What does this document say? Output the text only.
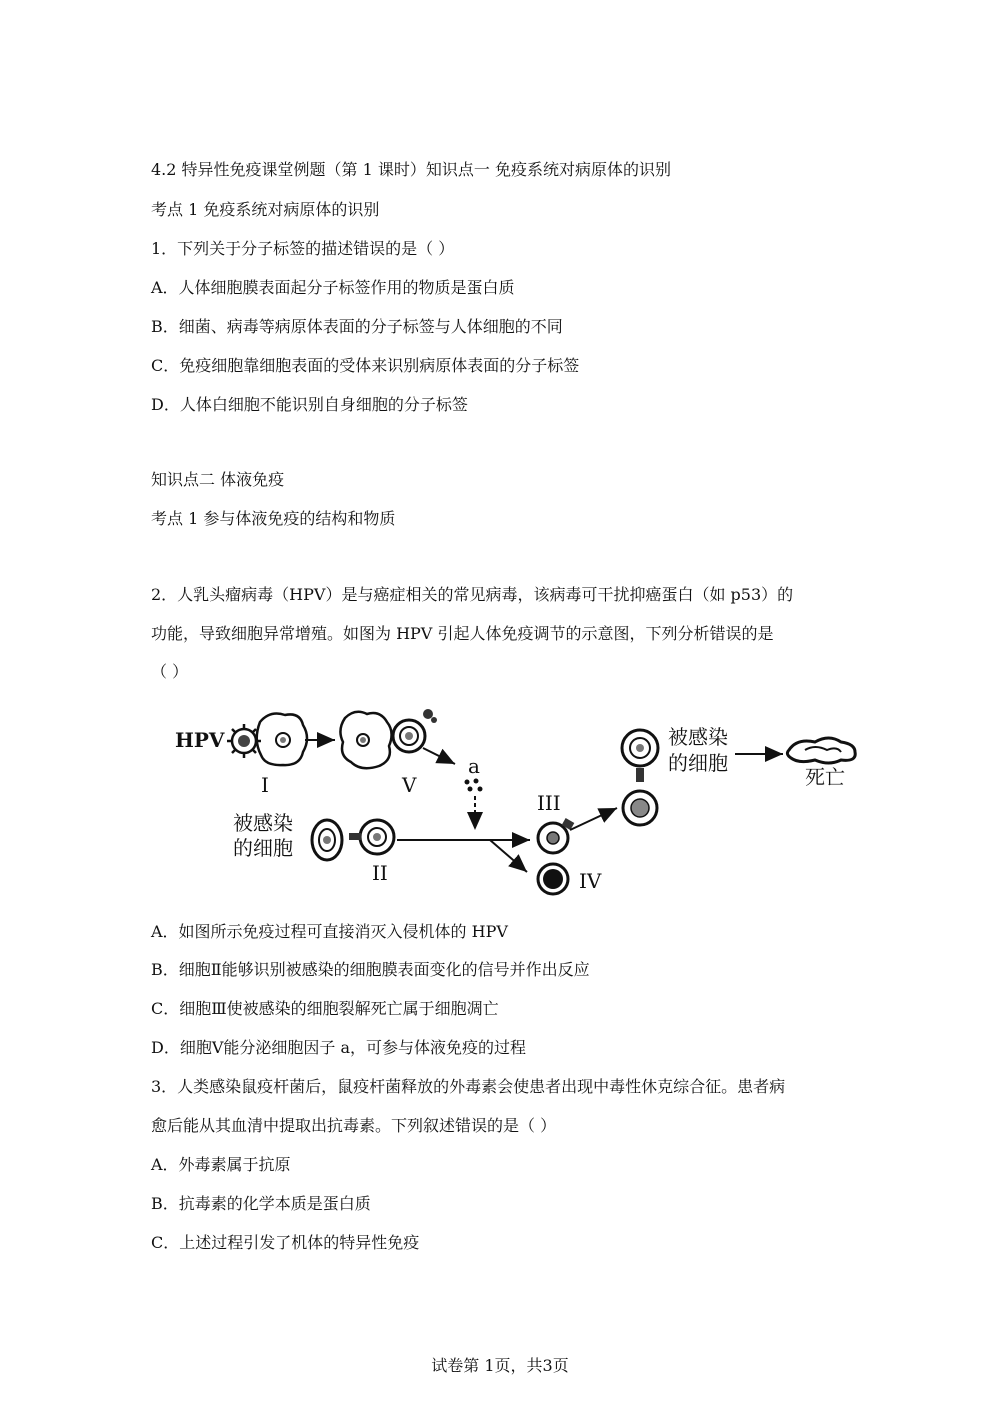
4.2 特异性免疫课堂例题（第 1 课时）知识点一 免疫系统对病原体的识别
考点 1 免疫系统对病原体的识别
1．下列关于分子标签的描述错误的是（ ）
A．人体细胞膜表面起分子标签作用的物质是蛋白质
B．细菌、病毒等病原体表面的分子标签与人体细胞的不同
C．免疫细胞靠细胞表面的受体来识别病原体表面的分子标签
D．人体白细胞不能识别自身细胞的分子标签
知识点二 体液免疫
考点 1 参与体液免疫的结构和物质
2．人乳头瘤病毒（HPV）是与癌症相关的常见病毒，该病毒可干扰抑癌蛋白（如 p53）的
功能，导致细胞异常增殖。如图为 HPV 引起人体免疫调节的示意图，下列分析错误的是
（ ）
HPV
I	V
a
被感染
的细胞
II
III
IV
被感染
的细胞
死亡
A．如图所示免疫过程可直接消灭入侵机体的 HPV
B．细胞Ⅱ能够识别被感染的细胞膜表面变化的信号并作出反应
C．细胞Ⅲ使被感染的细胞裂解死亡属于细胞凋亡
D．细胞Ⅴ能分泌细胞因子 a，可参与体液免疫的过程
3．人类感染鼠疫杆菌后，鼠疫杆菌释放的外毒素会使患者出现中毒性休克综合征。患者病
愈后能从其血清中提取出抗毒素。下列叙述错误的是（ ）
A．外毒素属于抗原
B．抗毒素的化学本质是蛋白质
C．上述过程引发了机体的特异性免疫
试卷第 1页，共3页
